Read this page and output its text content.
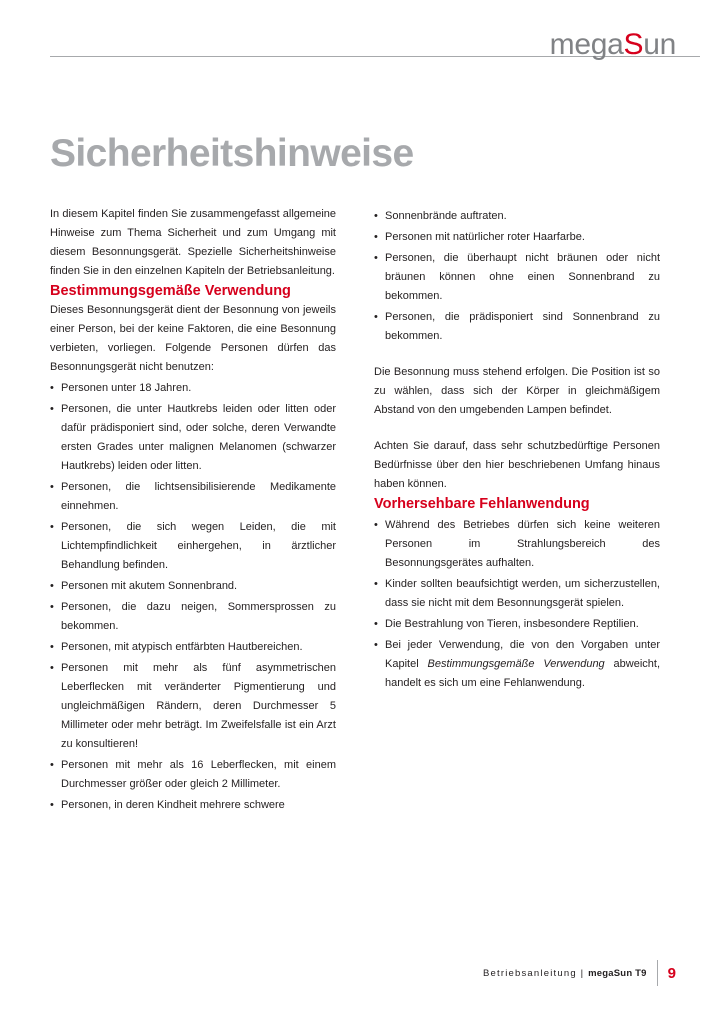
megaSun
Sicherheitshinweise

In diesem Kapitel finden Sie zusammengefasst allgemeine Hinweise zum Thema Sicherheit und zum Umgang mit diesem Besonnungsgerät. Spezielle Sicherheitshinweise finden Sie in den einzelnen Kapiteln der Betriebsanleitung.

Bestimmungsgemäße Verwendung

Dieses Besonnungsgerät dient der Besonnung von jeweils einer Person, bei der keine Faktoren, die eine Besonnung verbieten, vorliegen. Folgende Personen dürfen das Besonnungsgerät nicht benutzen:

• Personen unter 18 Jahren.
• Personen, die unter Hautkrebs leiden oder litten oder dafür prädisponiert sind, oder solche, deren Verwandte ersten Grades unter malignen Melanomen (schwarzer Hautkrebs) leiden oder litten.
• Personen, die lichtsensibilisierende Medikamente einnehmen.
• Personen, die sich wegen Leiden, die mit Lichtempfindlichkeit einhergehen, in ärztlicher Behandlung befinden.
• Personen mit akutem Sonnenbrand.
• Personen, die dazu neigen, Sommersprossen zu bekommen.
• Personen, mit atypisch entfärbten Hautbereichen.
• Personen mit mehr als fünf asymmetrischen Leberflecken mit veränderter Pigmentierung und ungleichmäßigen Rändern, deren Durchmesser 5 Millimeter oder mehr beträgt. Im Zweifelsfalle ist ein Arzt zu konsultieren!
• Personen mit mehr als 16 Leberflecken, mit einem Durchmesser größer oder gleich 2 Millimeter.
• Personen, in deren Kindheit mehrere schwere
• Sonnenbrände auftraten.
• Personen mit natürlicher roter Haarfarbe.
• Personen, die überhaupt nicht bräunen oder nicht bräunen können ohne einen Sonnenbrand zu bekommen.
• Personen, die prädisponiert sind Sonnenbrand zu bekommen.

Die Besonnung muss stehend erfolgen. Die Position ist so zu wählen, dass sich der Körper in gleichmäßigem Abstand von den umgebenden Lampen befindet.

Achten Sie darauf, dass sehr schutzbedürftige Personen Bedürfnisse über den hier beschriebenen Umfang hinaus haben können.

Vorhersehbare Fehlanwendung
• Während des Betriebes dürfen sich keine weiteren Personen im Strahlungsbereich des Besonnungsgerätes aufhalten.
• Kinder sollten beaufsichtigt werden, um sicherzustellen, dass sie nicht mit dem Besonnungsgerät spielen.
• Die Bestrahlung von Tieren, insbesondere Reptilien.
• Bei jeder Verwendung, die von den Vorgaben unter Kapitel Bestimmungsgemäße Verwendung abweicht, handelt es sich um eine Fehlanwendung.
Betriebsanleitung | megaSun T9 9
